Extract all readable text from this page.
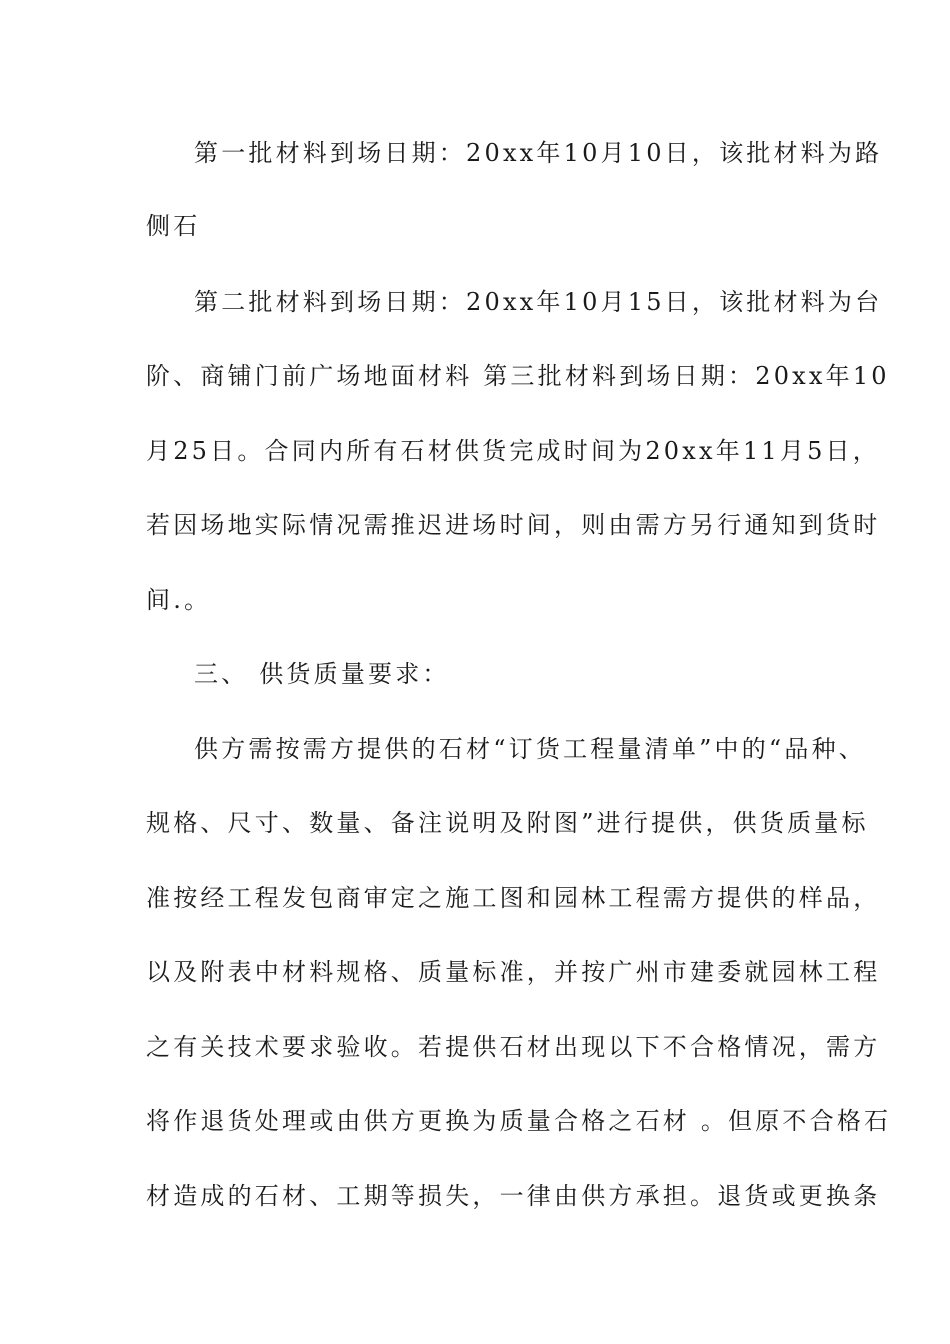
第一批材料到场日期：20xx年10月10日，该批材料为路
侧石
第二批材料到场日期：20xx年10月15日，该批材料为台
阶、商铺门前广场地面材料 第三批材料到场日期：20xx年10
月25日。合同内所有石材供货完成时间为20xx年11月5日，
若因场地实际情况需推迟进场时间，则由需方另行通知到货时
间.。
三、 供货质量要求：
供方需按需方提供的石材“订货工程量清单”中的“品种、
规格、尺寸、数量、备注说明及附图”进行提供，供货质量标
准按经工程发包商审定之施工图和园林工程需方提供的样品，
以及附表中材料规格、质量标准，并按广州市建委就园林工程
之有关技术要求验收。若提供石材出现以下不合格情况，需方
将作退货处理或由供方更换为质量合格之石材 。但原不合格石
材造成的石材、工期等损失，一律由供方承担。退货或更换条
